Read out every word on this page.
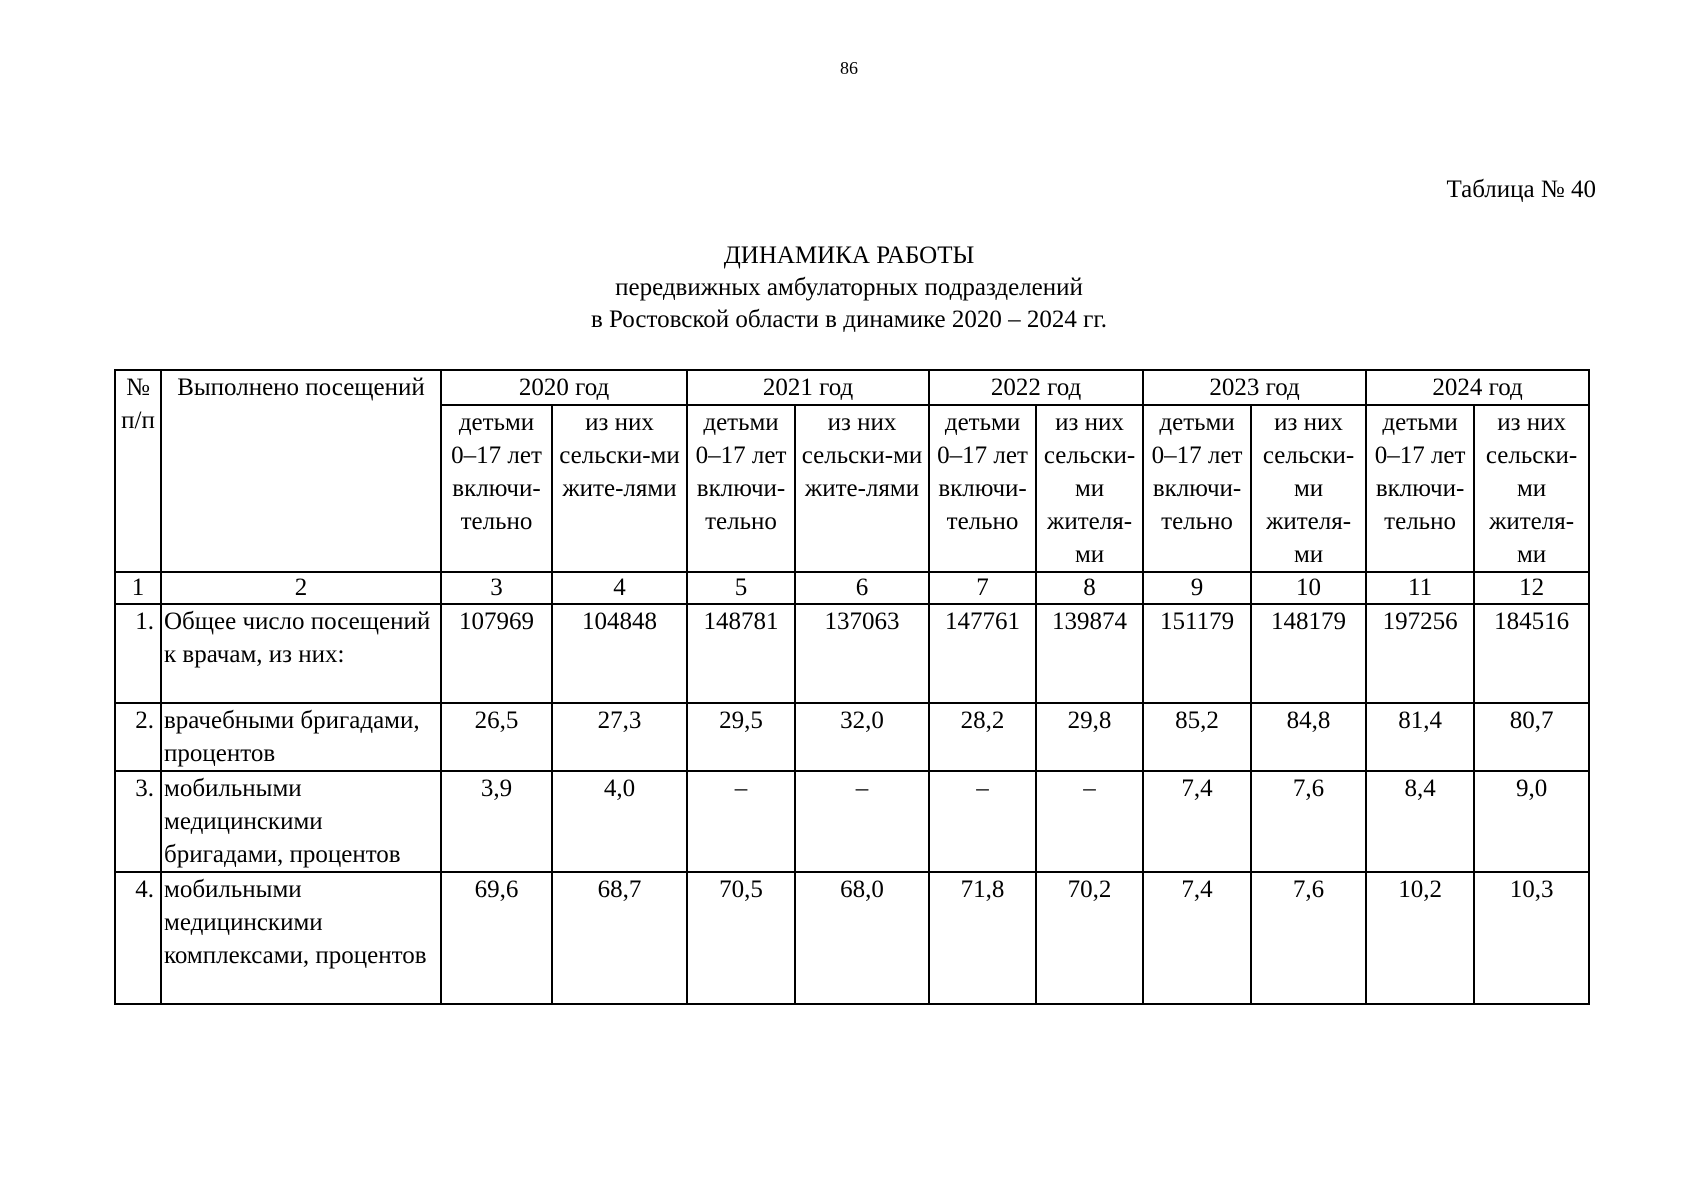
86
Таблица № 40
ДИНАМИКА РАБОТЫ
передвижных амбулаторных подразделений
в Ростовской области в динамике 2020 – 2024 гг.
№ п/п	Выполнено посещений	2020 год		2021 год		2022 год		2023 год		2024 год	
		детьми 0–17 лет включи-тельно	из них сельски-ми жите-лями	детьми 0–17 лет включи-тельно	из них сельски-ми жите-лями	детьми 0–17 лет включи-тельно	из них сельски-ми жителя-ми	детьми 0–17 лет включи-тельно	из них сельски-ми жителя-ми	детьми 0–17 лет включи-тельно	из них сельски-ми жителя-ми
1	2	3	4	5	6	7	8	9	10	11	12
1.	Общее число посещений к врачам, из них:	107969	104848	148781	137063	147761	139874	151179	148179	197256	184516
2.	врачебными бригадами, процентов	26,5	27,3	29,5	32,0	28,2	29,8	85,2	84,8	81,4	80,7
3.	мобильными медицинскими бригадами, процентов	3,9	4,0	–	–	–	–	7,4	7,6	8,4	9,0
4.	мобильными медицинскими комплексами, процентов	69,6	68,7	70,5	68,0	71,8	70,2	7,4	7,6	10,2	10,3
